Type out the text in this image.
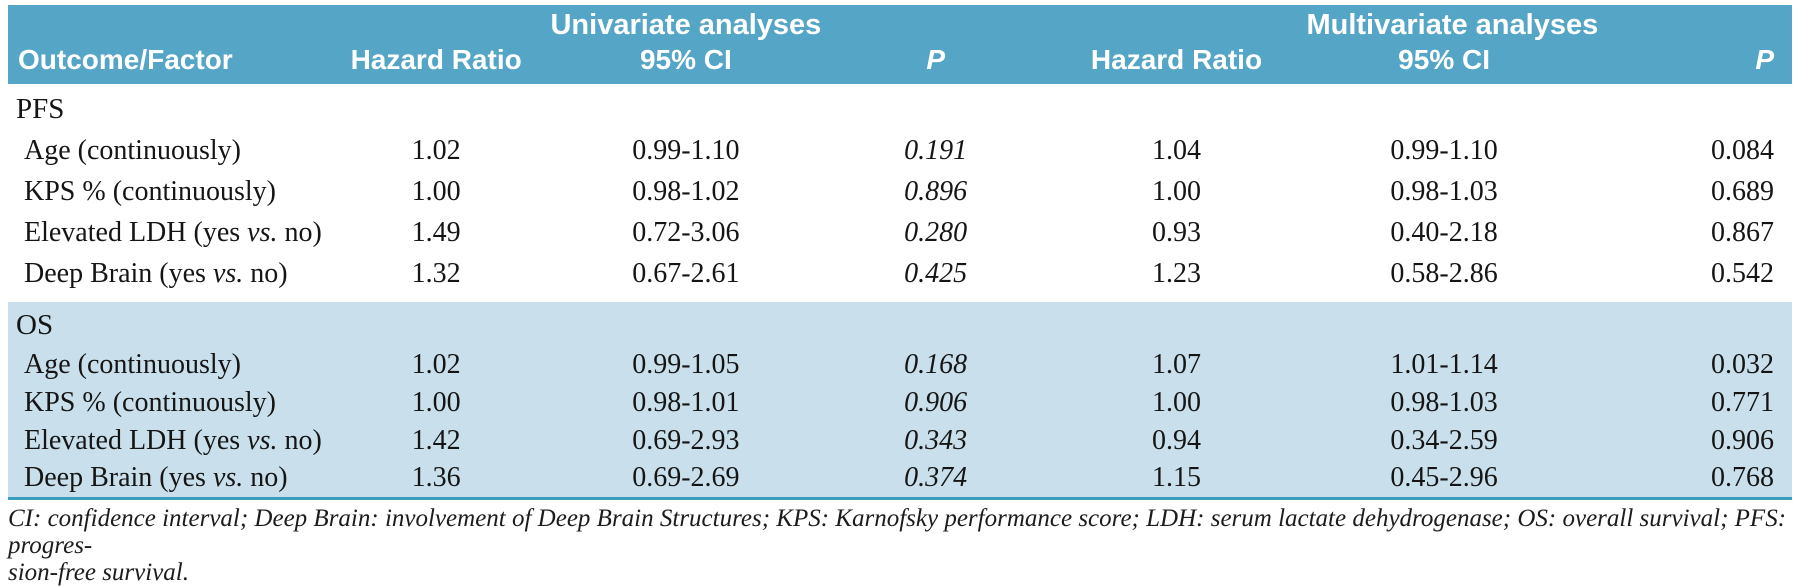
	Univariate analyses			Multivariate analyses		
Outcome/Factor	Hazard Ratio	95% CI	P	Hazard Ratio	95% CI	P
PFS						
Age (continuously)	1.02	0.99-1.10	0.191	1.04	0.99-1.10	0.084
KPS % (continuously)	1.00	0.98-1.02	0.896	1.00	0.98-1.03	0.689
Elevated LDH (yes vs. no)	1.49	0.72-3.06	0.280	0.93	0.40-2.18	0.867
Deep Brain (yes vs. no)	1.32	0.67-2.61	0.425	1.23	0.58-2.86	0.542

OS						
Age (continuously)	1.02	0.99-1.05	0.168	1.07	1.01-1.14	0.032
KPS % (continuously)	1.00	0.98-1.01	0.906	1.00	0.98-1.03	0.771
Elevated LDH (yes vs. no)	1.42	0.69-2.93	0.343	0.94	0.34-2.59	0.906
Deep Brain (yes vs. no)	1.36	0.69-2.69	0.374	1.15	0.45-2.96	0.768
CI: confidence interval; Deep Brain: involvement of Deep Brain Structures; KPS: Karnofsky performance score; LDH: serum lactate dehydrogenase; OS: overall survival; PFS: progres-
sion-free survival.
